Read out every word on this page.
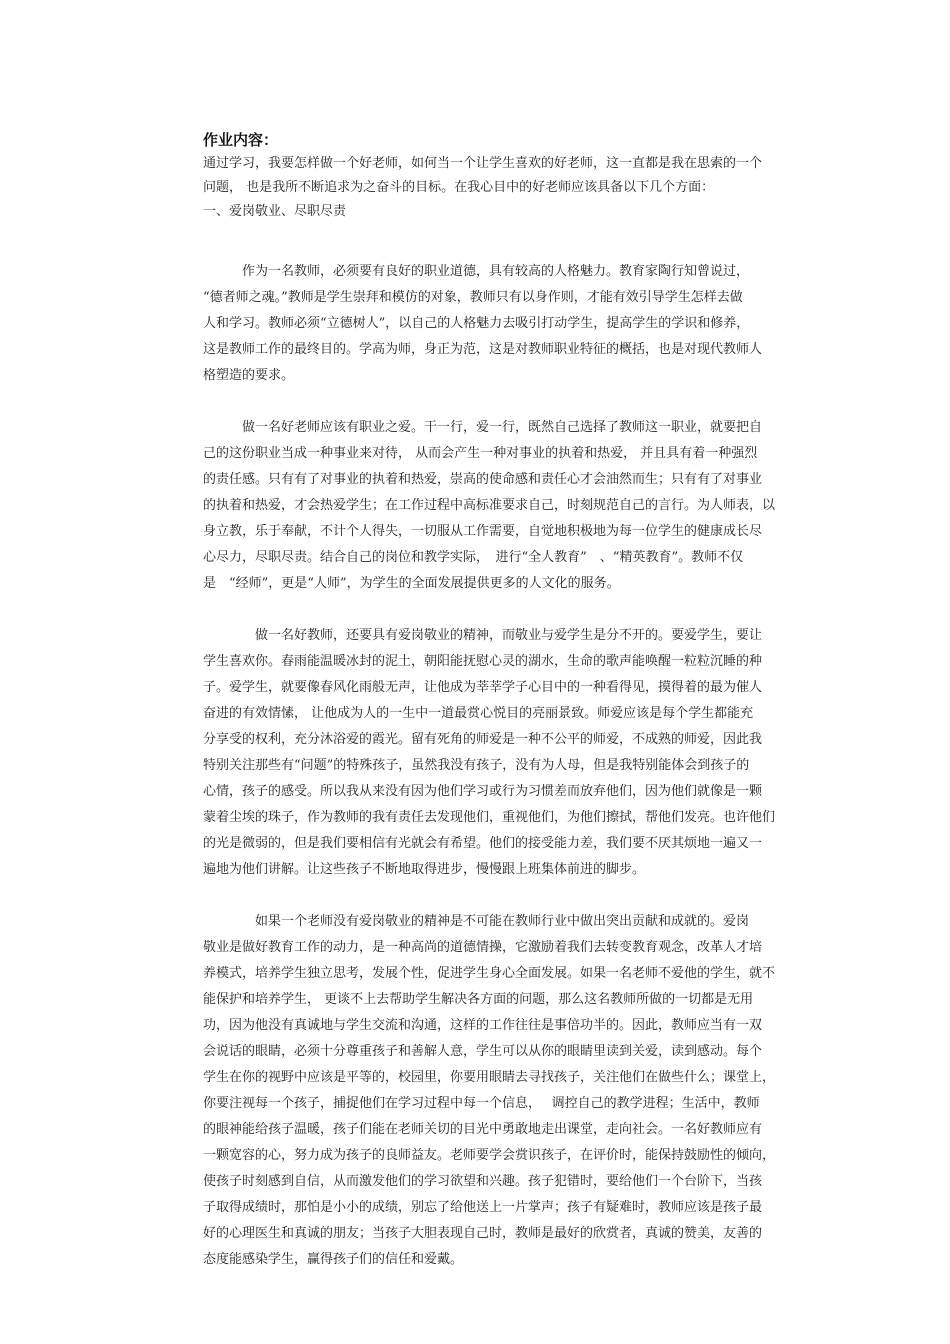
作业内容：

通过学习，我要怎样做一个好老师，如何当一个让学生喜欢的好老师，这一直都是我在思索的一个

问题， 也是我所不断追求为之奋斗的目标。在我心目中的好老师应该具备以下几个方面：

一、爱岗敬业、尽职尽责

　　　作为一名教师，必须要有良好的职业道德，具有较高的人格魅力。教育家陶行知曾说过，
“德者师之魂。”教师是学生崇拜和模仿的对象，教师只有以身作则，才能有效引导学生怎样去做
人和学习。教师必须“立德树人”，以自己的人格魅力去吸引打动学生，提高学生的学识和修养，
这是教师工作的最终目的。学高为师，身正为范，这是对教师职业特征的概括，也是对现代教师人
格塑造的要求。
　　　做一名好老师应该有职业之爱。干一行，爱一行，既然自己选择了教师这一职业，就要把自
己的这份职业当成一种事业来对待， 从而会产生一种对事业的执着和热爱， 并且具有着一种强烈
的责任感。只有有了对事业的执着和热爱，崇高的使命感和责任心才会油然而生；只有有了对事业
的执着和热爱，才会热爱学生；在工作过程中高标准要求自己，时刻规范自己的言行。为人师表，以
身立教，乐于奉献，不计个人得失，一切服从工作需要，自觉地积极地为每一位学生的健康成长尽
心尽力，尽职尽责。结合自己的岗位和教学实际，　进行“全人教育”　、“精英教育”。教师不仅
是　“经师”，更是“人师”，为学生的全面发展提供更多的人文化的服务。
　　　　做一名好教师，还要具有爱岗敬业的精神，而敬业与爱学生是分不开的。要爱学生，要让
学生喜欢你。春雨能温暖冰封的泥土，朝阳能抚慰心灵的湖水，生命的歌声能唤醒一粒粒沉睡的种
子。爱学生，就要像春风化雨般无声，让他成为莘莘学子心目中的一种看得见，摸得着的最为催人
奋进的有效情愫， 让他成为人的一生中一道最赏心悦目的亮丽景致。师爱应该是每个学生都能充
分享受的权利，充分沐浴爱的霞光。留有死角的师爱是一种不公平的师爱，不成熟的师爱，因此我
特别关注那些有“问题”的特殊孩子，虽然我没有孩子，没有为人母，但是我特别能体会到孩子的
心情，孩子的感受。所以我从来没有因为他们学习或行为习惯差而放弃他们，因为他们就像是一颗
蒙着尘埃的珠子，作为教师的我有责任去发现他们，重视他们，为他们擦拭，帮他们发亮。也许他们
的光是微弱的，但是我们要相信有光就会有希望。他们的接受能力差，我们要不厌其烦地一遍又一
遍地为他们讲解。让这些孩子不断地取得进步，慢慢跟上班集体前进的脚步。
　　　　如果一个老师没有爱岗敬业的精神是不可能在教师行业中做出突出贡献和成就的。爱岗
敬业是做好教育工作的动力，是一种高尚的道德情操，它激励着我们去转变教育观念，改革人才培
养模式，培养学生独立思考，发展个性，促进学生身心全面发展。如果一名老师不爱他的学生，就不
能保护和培养学生， 更谈不上去帮助学生解决各方面的问题，那么这名教师所做的一切都是无用
功，因为他没有真诚地与学生交流和沟通，这样的工作往往是事倍功半的。因此，教师应当有一双
会说话的眼睛，必须十分尊重孩子和善解人意，学生可以从你的眼睛里读到关爱，读到感动。每个
学生在你的视野中应该是平等的，校园里，你要用眼睛去寻找孩子，关注他们在做些什么；课堂上，
你要注视每一个孩子，捕捉他们在学习过程中每一个信息，　 调控自己的教学进程；生活中，教师
的眼神能给孩子温暖，孩子们能在老师关切的目光中勇敢地走出课堂，走向社会。一名好教师应有
一颗宽容的心，努力成为孩子的良师益友。老师要学会赏识孩子，在评价时，能保持鼓励性的倾向，
使孩子时刻感到自信，从而激发他们的学习欲望和兴趣。孩子犯错时，要给他们一个台阶下，当孩
子取得成绩时，那怕是小小的成绩，别忘了给他送上一片掌声；孩子有疑难时，教师应该是孩子最
好的心理医生和真诚的朋友；当孩子大胆表现自己时，教师是最好的欣赏者，真诚的赞美，友善的
态度能感染学生，赢得孩子们的信任和爱戴。
